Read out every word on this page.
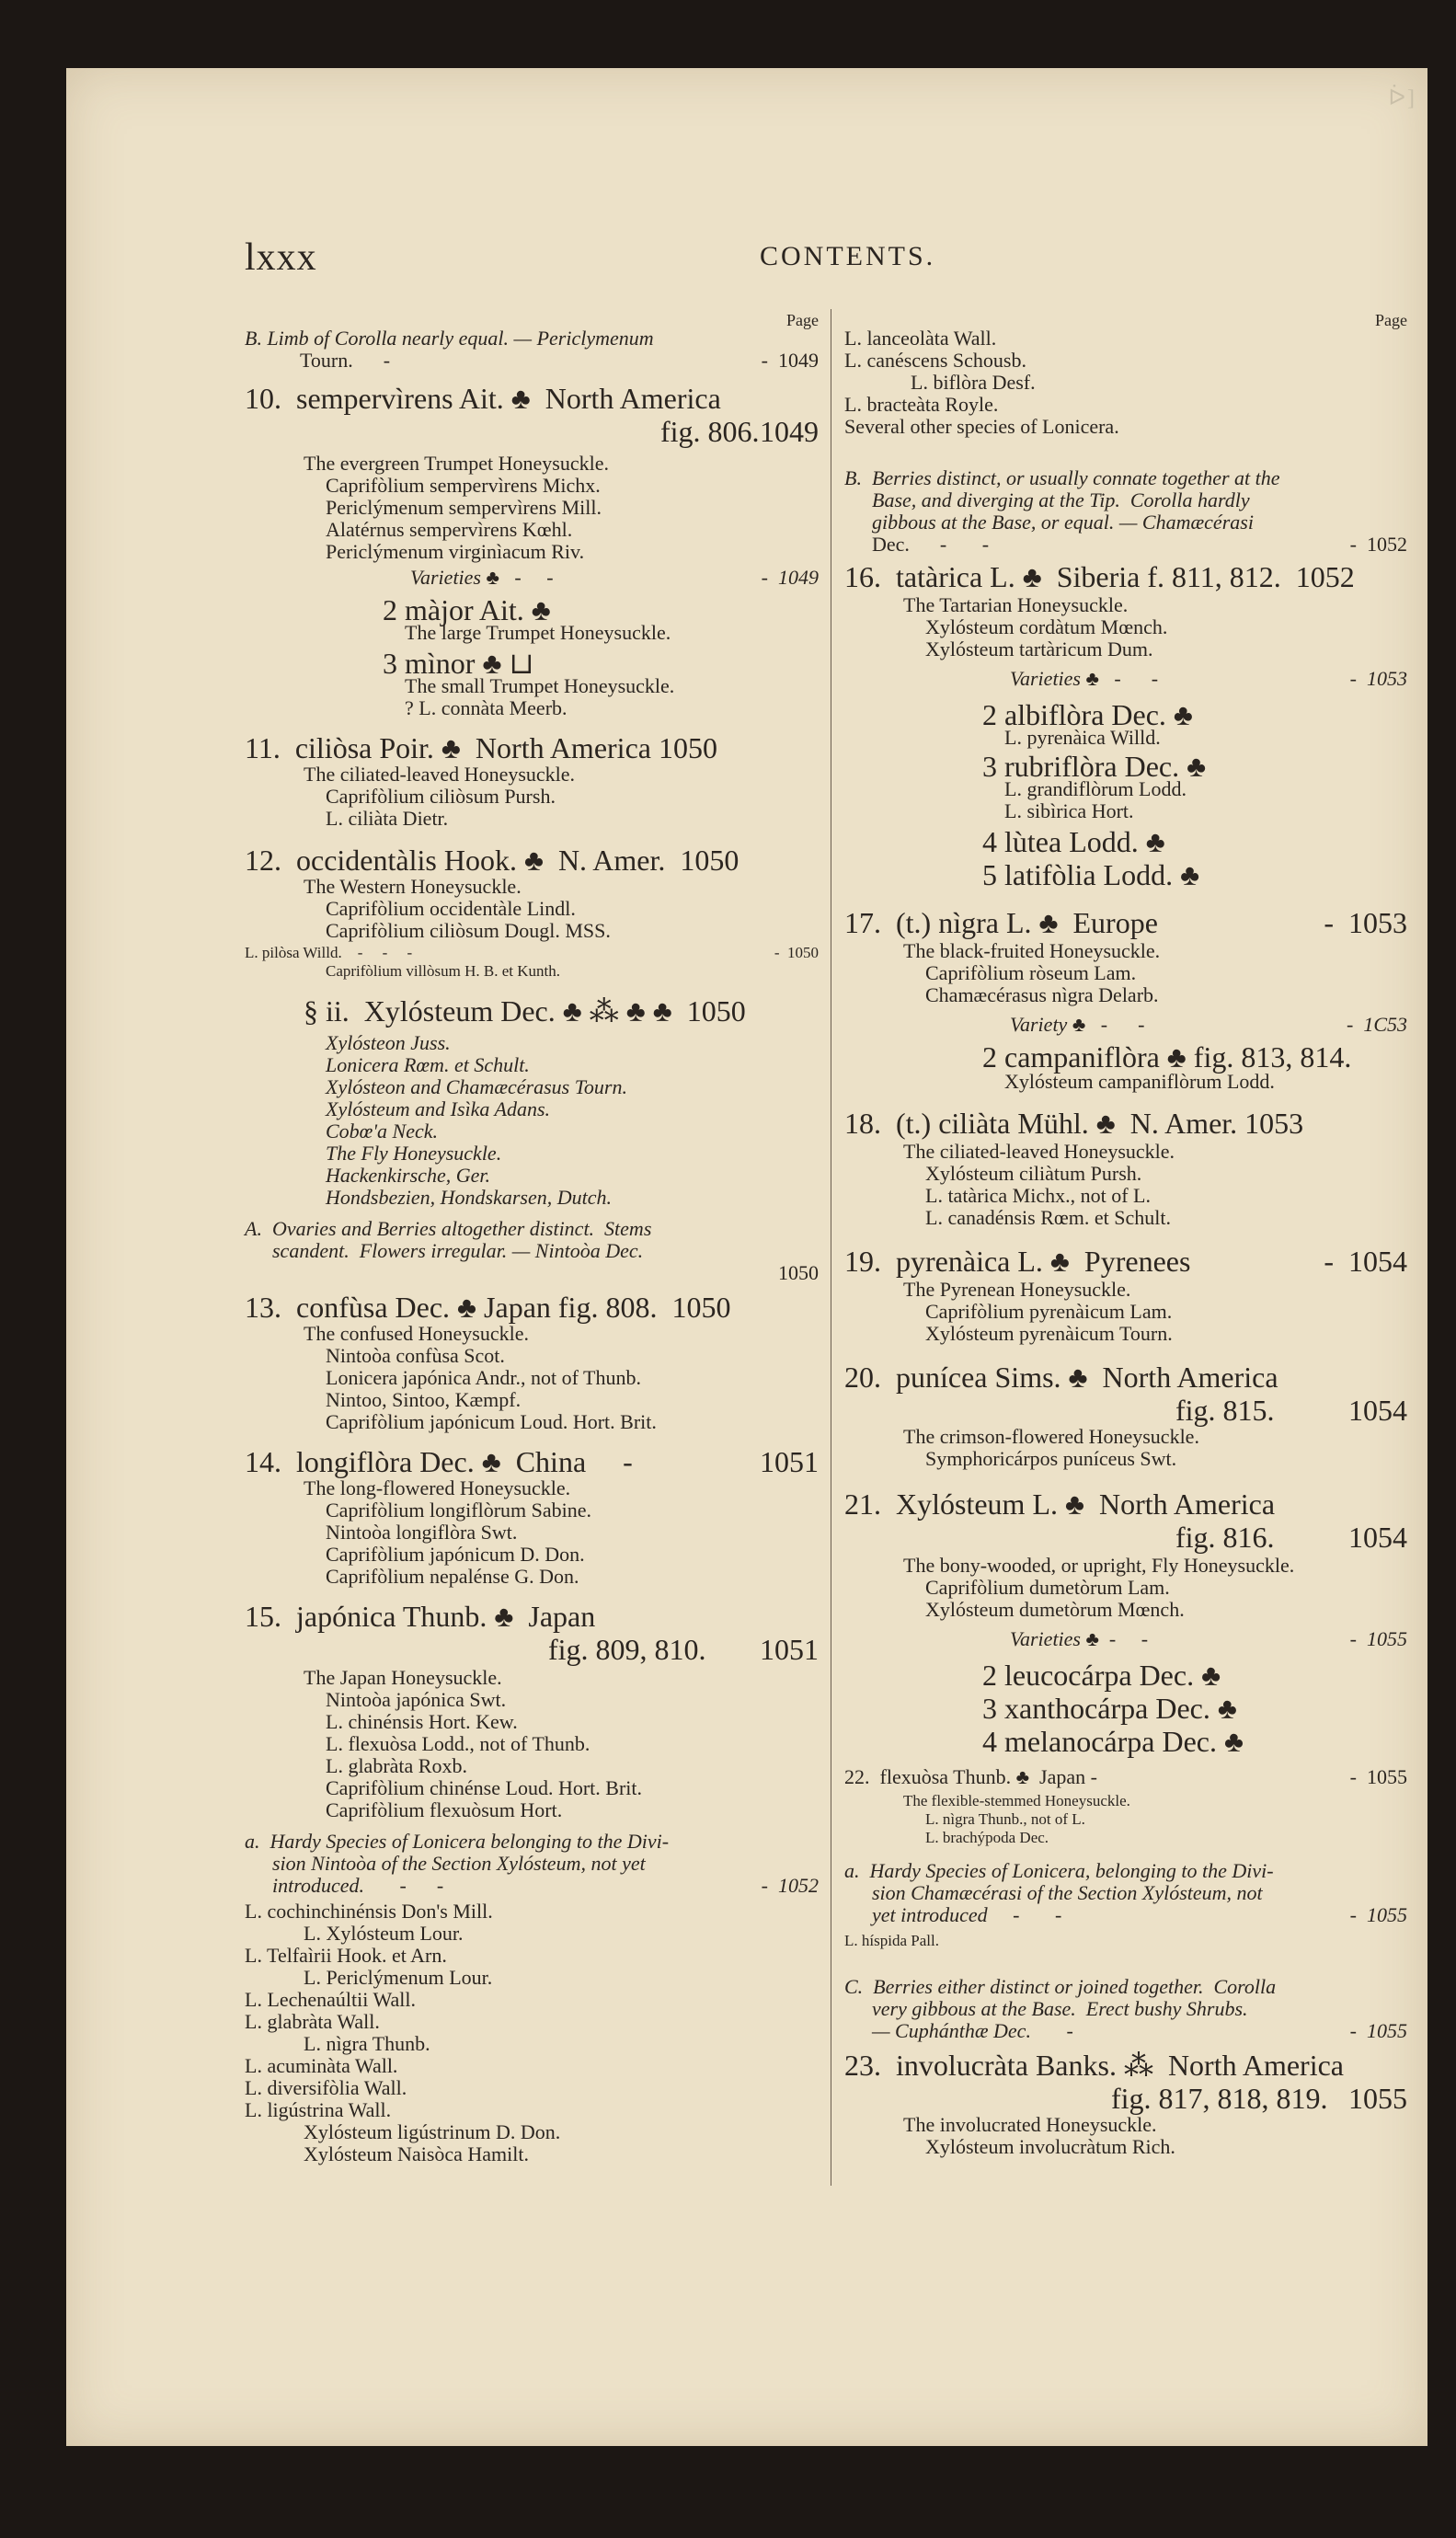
ᐆ]
lxxx	CONTENTS.
Page
B. Limb of Corolla nearly equal. — Periclymenum
Tourn.      -	-  1049
10.  sempervìrens Ait. ♣  North America
fig. 806. 1049
The evergreen Trumpet Honeysuckle.
Caprifòlium sempervìrens Michx.
Periclýmenum sempervìrens Mill.
Alatérnus sempervìrens Kœhl.
Periclýmenum virginìacum Riv.
Varieties ♣   -     -	-  1049
2 màjor Ait. ♣
The large Trumpet Honeysuckle.
3 mìnor ♣ ⊔
The small Trumpet Honeysuckle.
? L. connàta Meerb.
11.  ciliòsa Poir. ♣  North America 1050
The ciliated-leaved Honeysuckle.
Caprifòlium ciliòsum Pursh.
L. ciliàta Dietr.
12.  occidentàlis Hook. ♣  N. Amer.  1050
The Western Honeysuckle.
Caprifòlium occidentàle Lindl.
Caprifòlium ciliòsum Dougl. MSS.
L. pilòsa Willd.    -     -     -	-  1050
Caprifòlium villòsum H. B. et Kunth.
§ ii.  Xylósteum Dec. ♣ ⁂ ♣ ♣  1050
Xylósteon Juss.
Lonicera Rœm. et Schult.
Xylósteon and Chamæcérasus Tourn.
Xylósteum and Isìka Adans.
Cobœ'a Neck.
The Fly Honeysuckle.
Hackenkirsche, Ger.
Hondsbezien, Hondskarsen, Dutch.
A.  Ovaries and Berries altogether distinct.  Stems
scandent.  Flowers irregular. — Nintoòa Dec.
1050
13.  confùsa Dec. ♣ Japan fig. 808.  1050
The confused Honeysuckle.
Nintoòa confùsa Scot.
Lonicera japónica Andr., not of Thunb.
Nintoo, Sintoo, Kæmpf.
Caprifòlium japónicum Loud. Hort. Brit.
14.  longiflòra Dec. ♣  China     -	1051
The long-flowered Honeysuckle.
Caprifòlium longiflòrum Sabine.
Nintoòa longiflòra Swt.
Caprifòlium japónicum D. Don.
Caprifòlium nepalénse G. Don.
15.  japónica Thunb. ♣  Japan
fig. 809, 810. 1051
The Japan Honeysuckle.
Nintoòa japónica Swt.
L. chinénsis Hort. Kew.
L. flexuòsa Lodd., not of Thunb.
L. glabràta Roxb.
Caprifòlium chinénse Loud. Hort. Brit.
Caprifòlium flexuòsum Hort.
a.  Hardy Species of Lonicera belonging to the Divi-
sion Nintoòa of the Section Xylósteum, not yet
introduced.       -      -	-  1052
L. cochinchinénsis Don's Mill.
L. Xylósteum Lour.
L. Telfaìrii Hook. et Arn.
L. Periclýmenum Lour.
L. Lechenaúltii Wall.
L. glabràta Wall.
L. nìgra Thunb.
L. acuminàta Wall.
L. diversifòlia Wall.
L. ligústrina Wall.
Xylósteum ligústrinum D. Don.
Xylósteum Naisòca Hamilt.
Page
L. lanceolàta Wall.
L. canéscens Schousb.
L. biflòra Desf.
L. bracteàta Royle.
Several other species of Lonicera.
B.  Berries distinct, or usually connate together at the
Base, and diverging at the Tip.  Corolla hardly
gibbous at the Base, or equal. — Chamæcérasi
Dec.      -       -	-  1052
16.  tatàrica L. ♣  Siberia f. 811, 812.  1052
The Tartarian Honeysuckle.
Xylósteum cordàtum Mœnch.
Xylósteum tartàricum Dum.
Varieties ♣   -      -	-  1053
2 albiflòra Dec. ♣
L. pyrenàica Willd.
3 rubriflòra Dec. ♣
L. grandiflòrum Lodd.
L. sibìrica Hort.
4 lùtea Lodd. ♣
5 latifòlia Lodd. ♣
17.  (t.) nìgra L. ♣  Europe	-  1053
The black-fruited Honeysuckle.
Caprifòlium ròseum Lam.
Chamæcérasus nìgra Delarb.
Variety ♣   -      -	-  1C53
2 campaniflòra ♣ fig. 813, 814.
Xylósteum campaniflòrum Lodd.
18.  (t.) ciliàta Mühl. ♣  N. Amer. 1053
The ciliated-leaved Honeysuckle.
Xylósteum ciliàtum Pursh.
L. tatàrica Michx., not of L.
L. canadénsis Rœm. et Schult.
19.  pyrenàica L. ♣  Pyrenees	-  1054
The Pyrenean Honeysuckle.
Caprifòlium pyrenàicum Lam.
Xylósteum pyrenàicum Tourn.
20.  punícea Sims. ♣  North America
fig. 815.	1054
The crimson-flowered Honeysuckle.
Symphoricárpos puníceus Swt.
21.  Xylósteum L. ♣  North America
fig. 816.	1054
The bony-wooded, or upright, Fly Honeysuckle.
Caprifòlium dumetòrum Lam.
Xylósteum dumetòrum Mœnch.
Varieties ♣  -     -	-  1055
2 leucocárpa Dec. ♣
3 xanthocárpa Dec. ♣
4 melanocárpa Dec. ♣
22.  flexuòsa Thunb. ♣  Japan -	-  1055
The flexible-stemmed Honeysuckle.
L. nìgra Thunb., not of L.
L. brachýpoda Dec.
a.  Hardy Species of Lonicera, belonging to the Divi-
sion Chamæcérasi of the Section Xylósteum, not
yet introduced     -       -	-  1055
L. híspida Pall.
C.  Berries either distinct or joined together.  Corolla
very gibbous at the Base.  Erect bushy Shrubs.
— Cuphánthæ Dec.       -	-  1055
23.  involucràta Banks. ⁂  North America
fig. 817, 818, 819. 1055
The involucrated Honeysuckle.
Xylósteum involucràtum Rich.
